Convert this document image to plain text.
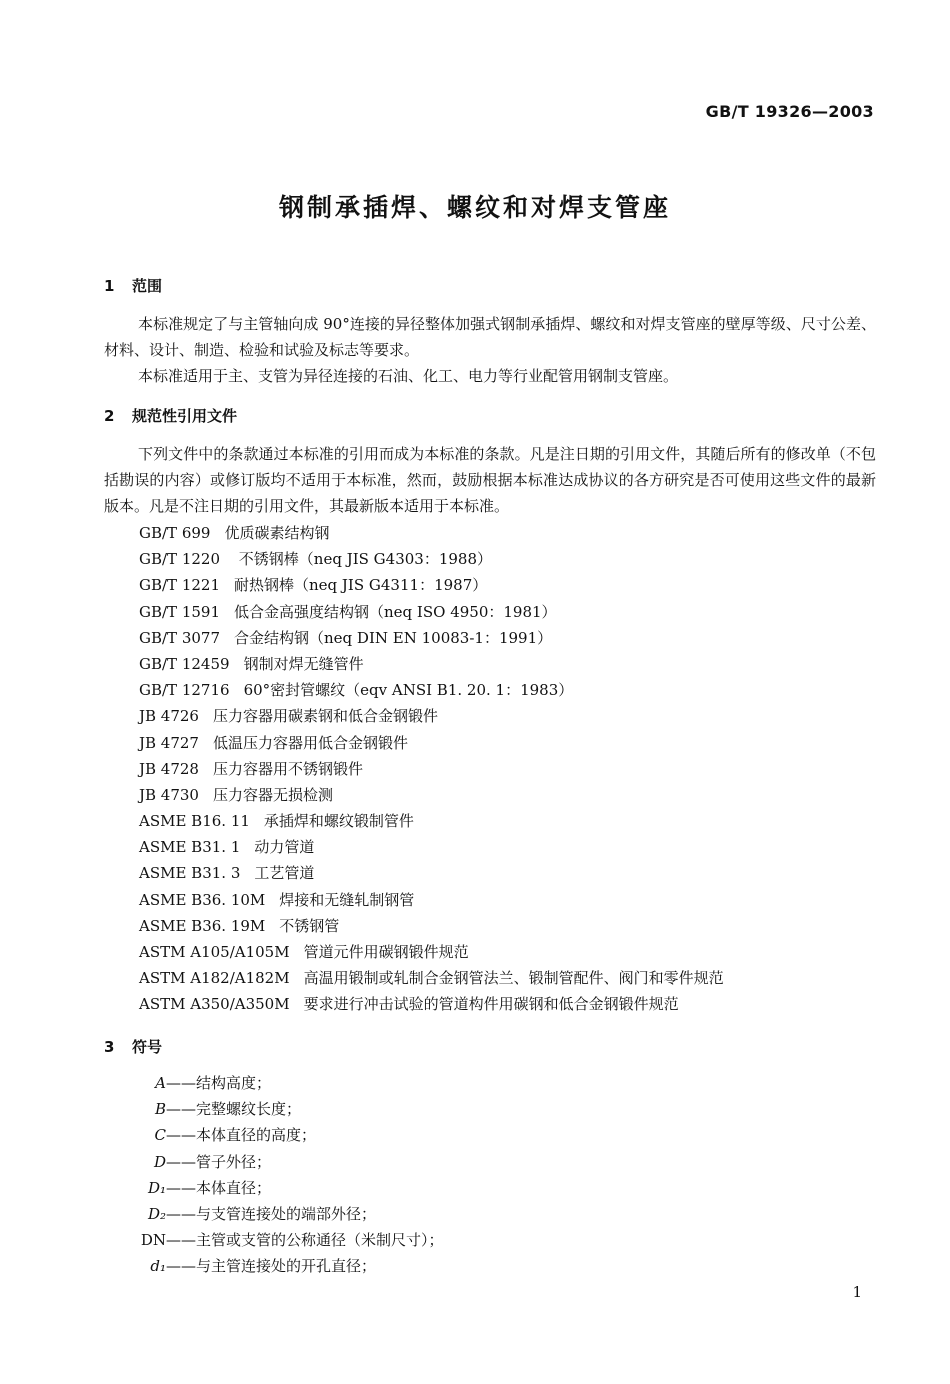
GB/T 19326—2003
钢制承插焊、螺纹和对焊支管座
1 范围

本标准规定了与主管轴向成 90°连接的异径整体加强式钢制承插焊、螺纹和对焊支管座的壁厚等级、尺寸公差、材料、设计、制造、检验和试验及标志等要求。

本标准适用于主、支管为异径连接的石油、化工、电力等行业配管用钢制支管座。

2 规范性引用文件

下列文件中的条款通过本标准的引用而成为本标准的条款。凡是注日期的引用文件，其随后所有的修改单（不包括勘误的内容）或修订版均不适用于本标准，然而，鼓励根据本标准达成协议的各方研究是否可使用这些文件的最新版本。凡是不注日期的引用文件，其最新版本适用于本标准。

GB/T 699 优质碳素结构钢
GB/T 1220 不锈钢棒（neq JIS G4303：1988）
GB/T 1221 耐热钢棒（neq JIS G4311：1987）
GB/T 1591 低合金高强度结构钢（neq ISO 4950：1981）
GB/T 3077 合金结构钢（neq DIN EN 10083-1：1991）
GB/T 12459 钢制对焊无缝管件
GB/T 12716 60°密封管螺纹（eqv ANSI B1. 20. 1：1983）
JB 4726 压力容器用碳素钢和低合金钢锻件
JB 4727 低温压力容器用低合金钢锻件
JB 4728 压力容器用不锈钢锻件
JB 4730 压力容器无损检测
ASME B16. 11 承插焊和螺纹锻制管件
ASME B31. 1 动力管道
ASME B31. 3 工艺管道
ASME B36. 10M 焊接和无缝轧制钢管
ASME B36. 19M 不锈钢管
ASTM A105/A105M 管道元件用碳钢锻件规范
ASTM A182/A182M 高温用锻制或轧制合金钢管法兰、锻制管配件、阀门和零件规范
ASTM A350/A350M 要求进行冲击试验的管道构件用碳钢和低合金钢锻件规范
3 符号
A ——结构高度；
B ——完整螺纹长度；
C ——本体直径的高度；
D ——管子外径；
D₁ ——本体直径；
D₂ ——与支管连接处的端部外径；
DN ——主管或支管的公称通径（米制尺寸）；
d₁ ——与主管连接处的开孔直径；
1
